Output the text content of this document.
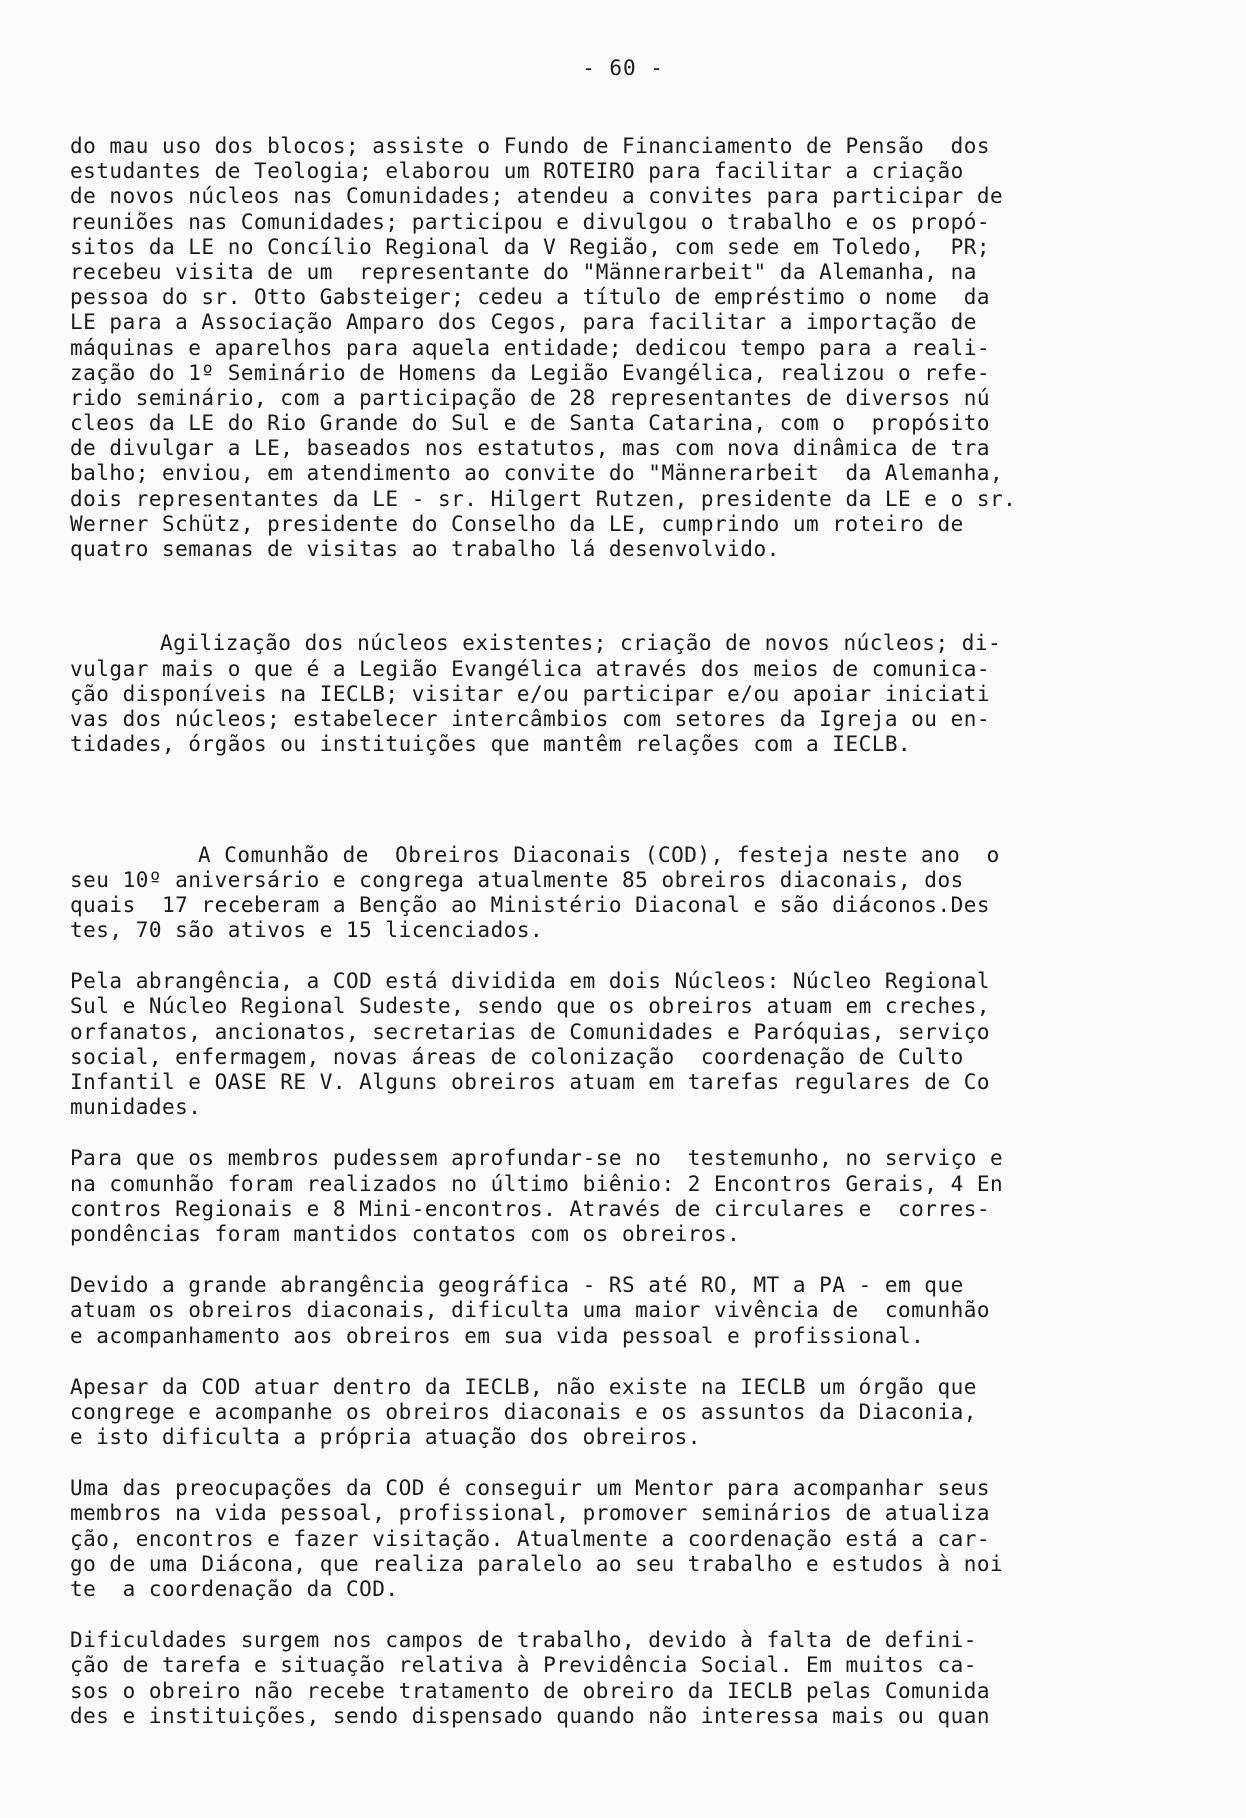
- 60 -
do mau uso dos blocos; assiste o Fundo de Financiamento de Pensão  dos
estudantes de Teologia; elaborou um ROTEIRO para facilitar a criação
de novos núcleos nas Comunidades; atendeu a convites para participar de
reuniões nas Comunidades; participou e divulgou o trabalho e os propó-
sitos da LE no Concílio Regional da V Região, com sede em Toledo,  PR;
recebeu visita de um  representante do "Männerarbeit" da Alemanha, na
pessoa do sr. Otto Gabsteiger; cedeu a título de empréstimo o nome  da
LE para a Associação Amparo dos Cegos, para facilitar a importação de
máquinas e aparelhos para aquela entidade; dedicou tempo para a reali-
zação do 1º Seminário de Homens da Legião Evangélica, realizou o refe-
rido seminário, com a participação de 28 representantes de diversos nú
cleos da LE do Rio Grande do Sul e de Santa Catarina, com o  propósito
de divulgar a LE, baseados nos estatutos, mas com nova dinâmica de tra
balho; enviou, em atendimento ao convite do "Männerarbeit  da Alemanha,
dois representantes da LE - sr. Hilgert Rutzen, presidente da LE e o sr.
Werner Schütz, presidente do Conselho da LE, cumprindo um roteiro de
quatro semanas de visitas ao trabalho lá desenvolvido.

Agilização dos núcleos existentes; criação de novos núcleos; di-
vulgar mais o que é a Legião Evangélica através dos meios de comunica-
ção disponíveis na IECLB; visitar e/ou participar e/ou apoiar iniciati
vas dos núcleos; estabelecer intercâmbios com setores da Igreja ou en-
tidades, órgãos ou instituições que mantêm relações com a IECLB.

A Comunhão de  Obreiros Diaconais (COD), festeja neste ano  o
seu 10º aniversário e congrega atualmente 85 obreiros diaconais, dos
quais  17 receberam a Benção ao Ministério Diaconal e são diáconos.Des
tes, 70 são ativos e 15 licenciados.
Pela abrangência, a COD está dividida em dois Núcleos: Núcleo Regional
Sul e Núcleo Regional Sudeste, sendo que os obreiros atuam em creches,
orfanatos, ancionatos, secretarias de Comunidades e Paróquias, serviço
social, enfermagem, novas áreas de colonização  coordenação de Culto
Infantil e OASE RE V. Alguns obreiros atuam em tarefas regulares de Co
munidades.
Para que os membros pudessem aprofundar-se no  testemunho, no serviço e
na comunhão foram realizados no último biênio: 2 Encontros Gerais, 4 En
contros Regionais e 8 Mini-encontros. Através de circulares e  corres-
pondências foram mantidos contatos com os obreiros.
Devido a grande abrangência geográfica - RS até RO, MT a PA - em que
atuam os obreiros diaconais, dificulta uma maior vivência de  comunhão
e acompanhamento aos obreiros em sua vida pessoal e profissional.
Apesar da COD atuar dentro da IECLB, não existe na IECLB um órgão que
congrege e acompanhe os obreiros diaconais e os assuntos da Diaconia,
e isto dificulta a própria atuação dos obreiros.
Uma das preocupações da COD é conseguir um Mentor para acompanhar seus
membros na vida pessoal, profissional, promover seminários de atualiza
ção, encontros e fazer visitação. Atualmente a coordenação está a car-
go de uma Diácona, que realiza paralelo ao seu trabalho e estudos à noi
te  a coordenação da COD.
Dificuldades surgem nos campos de trabalho, devido à falta de defini-
ção de tarefa e situação relativa à Previdência Social. Em muitos ca-
sos o obreiro não recebe tratamento de obreiro da IECLB pelas Comunida
des e instituições, sendo dispensado quando não interessa mais ou quan
